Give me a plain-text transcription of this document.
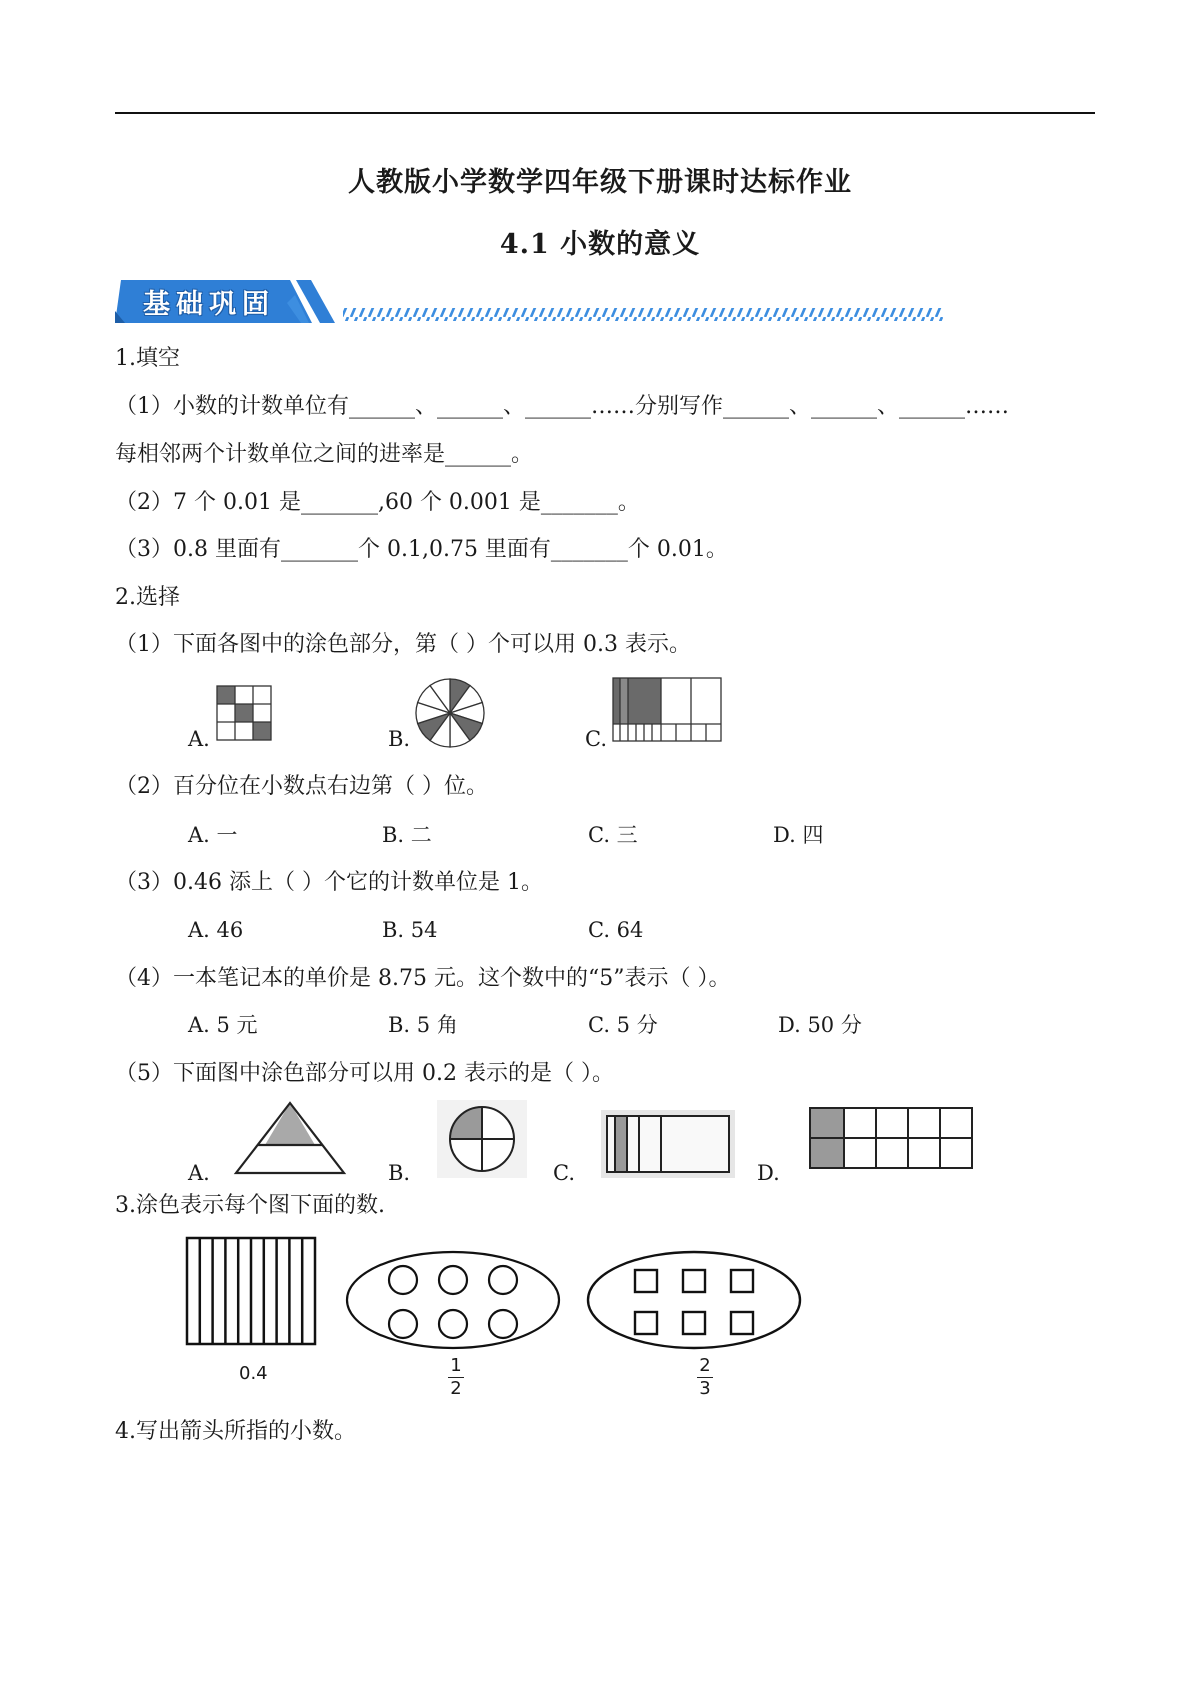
人教版小学数学四年级下册课时达标作业
4.1 小数的意义
基础巩固
1.填空
（1）小数的计数单位有______、______、______……分别写作______、______、______……
每相邻两个计数单位之间的进率是______。
（2）7 个 0.01 是_______,60 个 0.001 是_______。
（3）0.8 里面有_______个 0.1,0.75 里面有_______个 0.01。
2.选择
（1）下面各图中的涂色部分，第（ ）个可以用 0.3 表示。
A.	B.	C.
（2）百分位在小数点右边第（ ）位。
A. 一	B. 二	C. 三	D. 四
（3）0.46 添上（ ）个它的计数单位是 1。
A. 46	B. 54	C. 64
（4）一本笔记本的单价是 8.75 元。这个数中的“5”表示（ ）。
A. 5 元	B. 5 角	C. 5 分	D. 50 分
（5）下面图中涂色部分可以用 0.2 表示的是（ ）。
A.	B.	C.	D.
3.涂色表示每个图下面的数.
0.4	1
2
2
3
4.写出箭头所指的小数。
